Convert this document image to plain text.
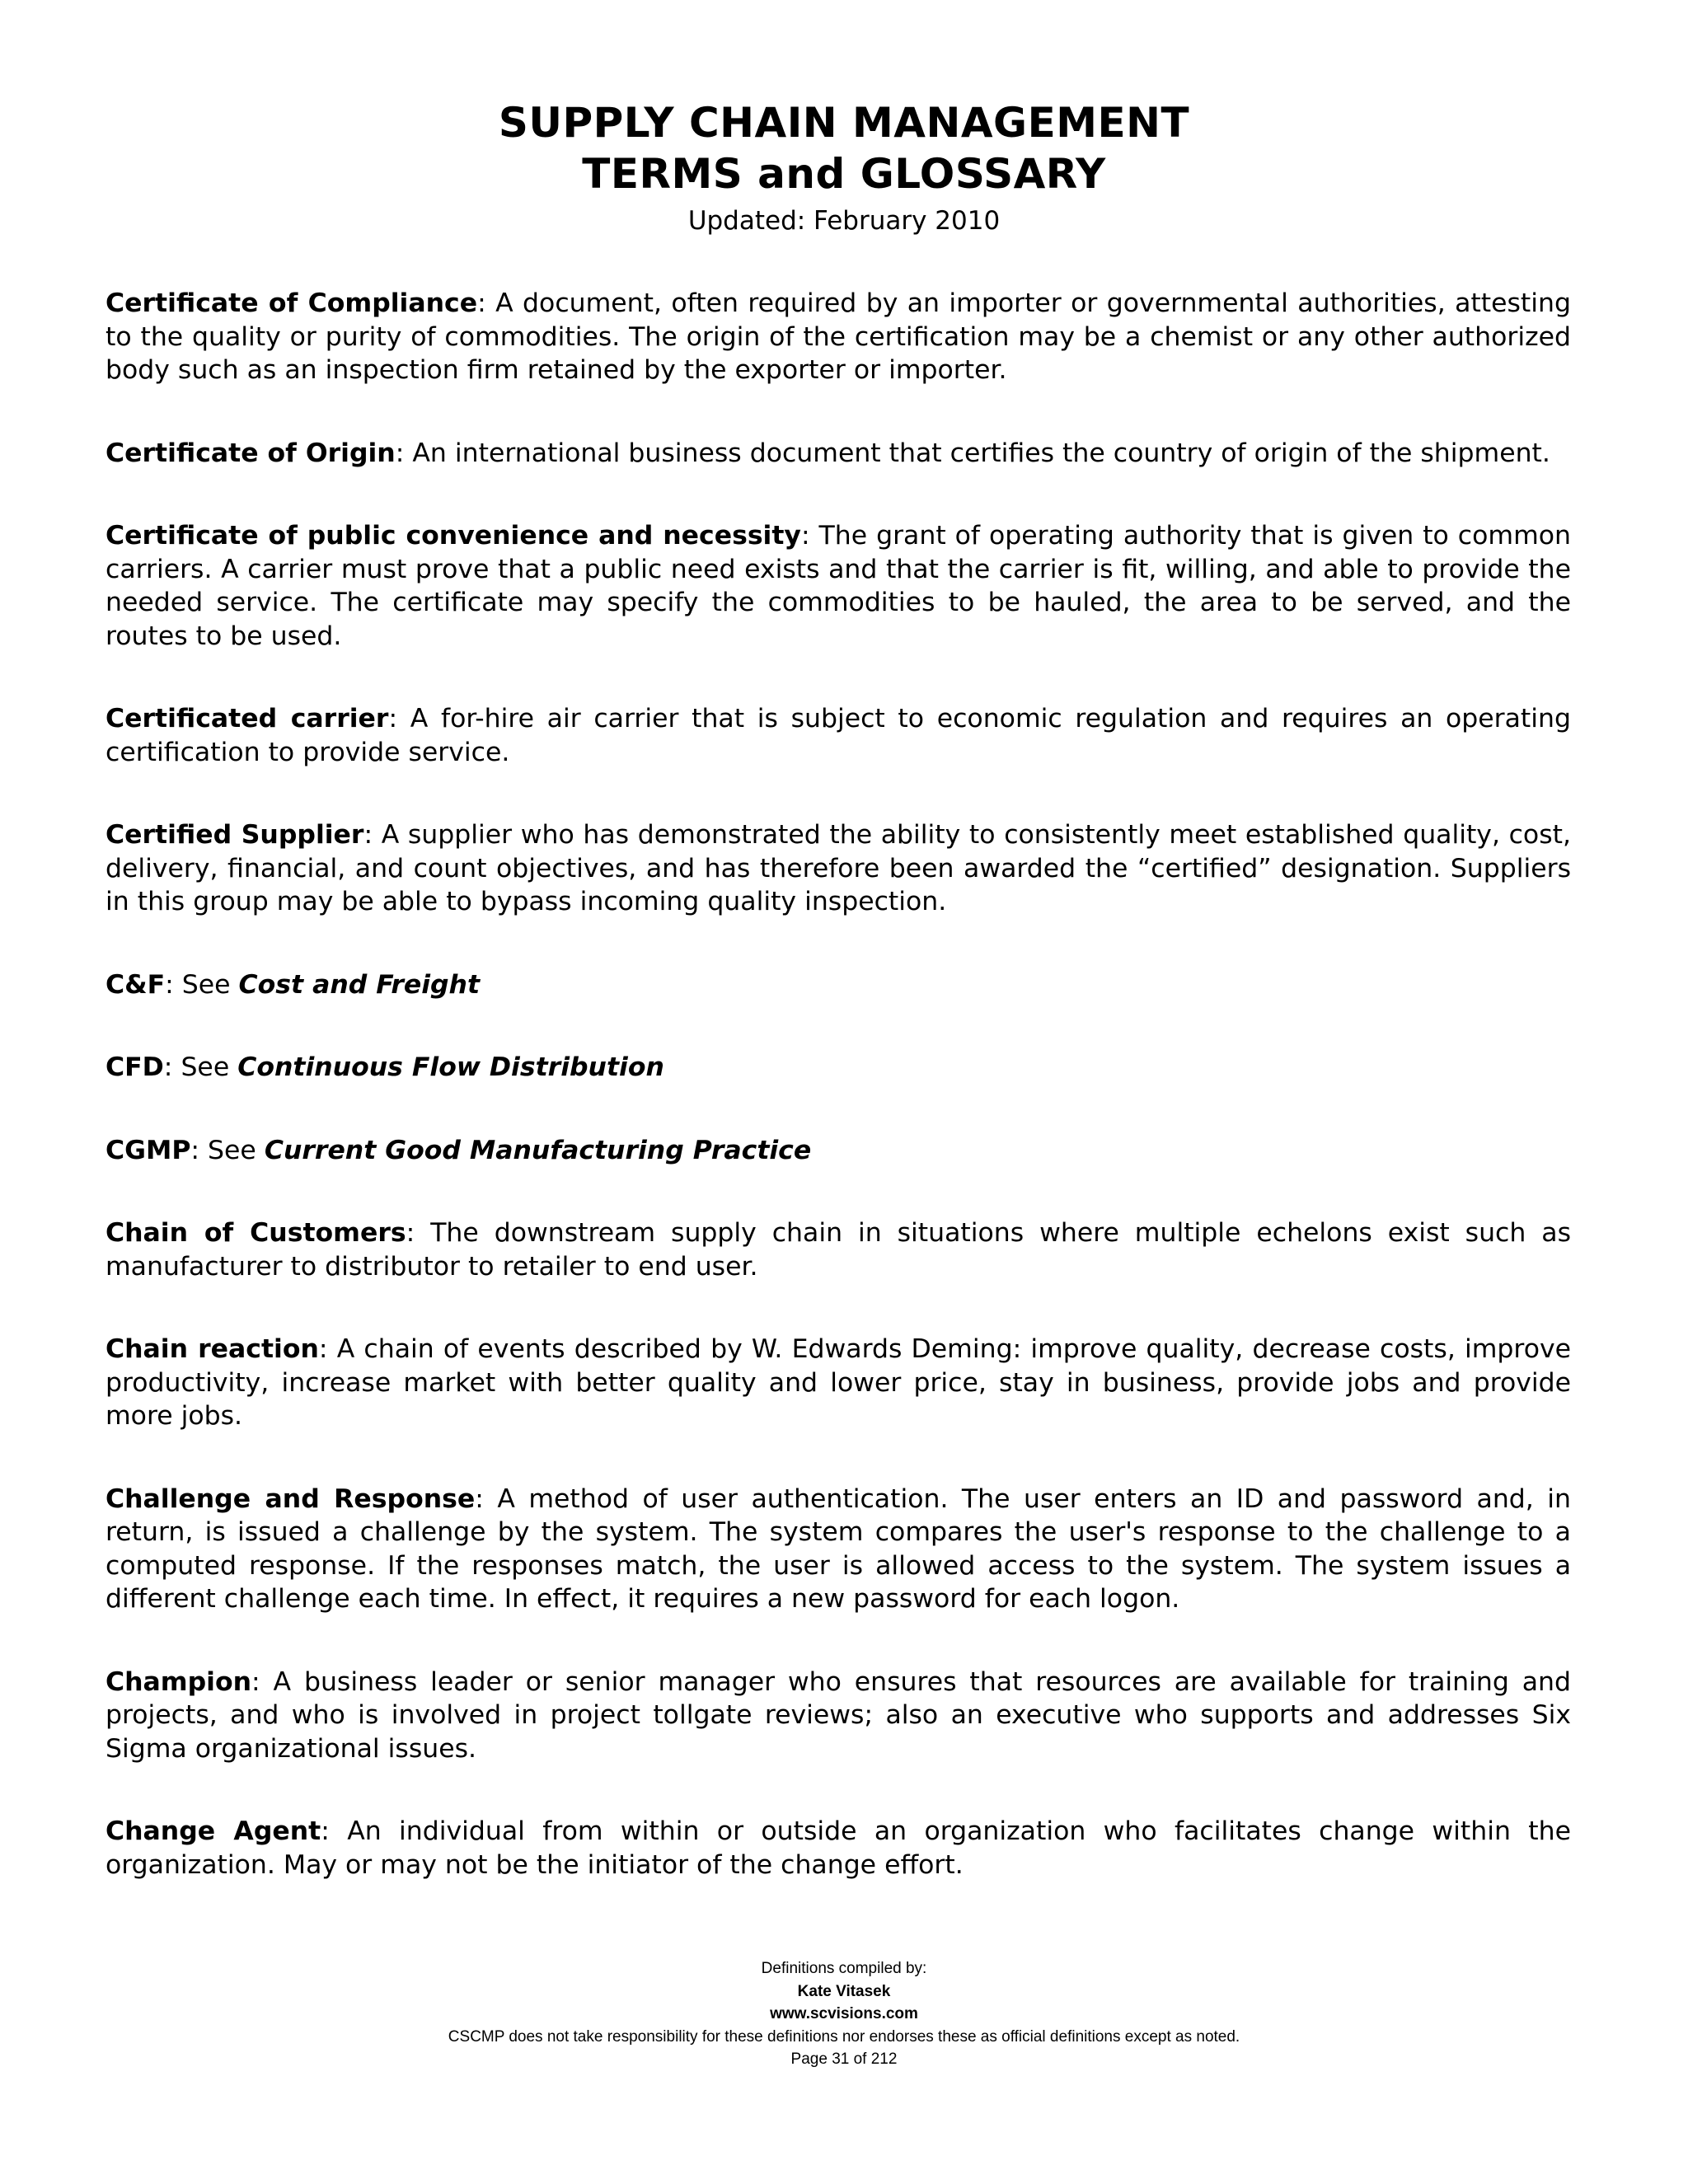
SUPPLY CHAIN MANAGEMENT
TERMS and GLOSSARY
Updated: February 2010

Certificate of Compliance: A document, often required by an importer or governmental authorities, attesting to the quality or purity of commodities. The origin of the certification may be a chemist or any other authorized body such as an inspection firm retained by the exporter or importer.

Certificate of Origin: An international business document that certifies the country of origin of the shipment.

Certificate of public convenience and necessity: The grant of operating authority that is given to common carriers. A carrier must prove that a public need exists and that the carrier is fit, willing, and able to provide the needed service. The certificate may specify the commodities to be hauled, the area to be served, and the routes to be used.

Certificated carrier: A for-hire air carrier that is subject to economic regulation and requires an operating certification to provide service.

Certified Supplier: A supplier who has demonstrated the ability to consistently meet established quality, cost, delivery, financial, and count objectives, and has therefore been awarded the “certified” designation. Suppliers in this group may be able to bypass incoming quality inspection.

C&F: See Cost and Freight

CFD: See Continuous Flow Distribution

CGMP: See Current Good Manufacturing Practice

Chain of Customers: The downstream supply chain in situations where multiple echelons exist such as manufacturer to distributor to retailer to end user.

Chain reaction: A chain of events described by W. Edwards Deming: improve quality, decrease costs, improve productivity, increase market with better quality and lower price, stay in business, provide jobs and provide more jobs.

Challenge and Response: A method of user authentication. The user enters an ID and password and, in return, is issued a challenge by the system. The system compares the user's response to the challenge to a computed response. If the responses match, the user is allowed access to the system. The system issues a different challenge each time. In effect, it requires a new password for each logon.

Champion: A business leader or senior manager who ensures that resources are available for training and projects, and who is involved in project tollgate reviews; also an executive who supports and addresses Six Sigma organizational issues.

Change Agent: An individual from within or outside an organization who facilitates change within the organization. May or may not be the initiator of the change effort.

Definitions compiled by:
Kate Vitasek
www.scvisions.com
CSCMP does not take responsibility for these definitions nor endorses these as official definitions except as noted.
Page 31 of 212
